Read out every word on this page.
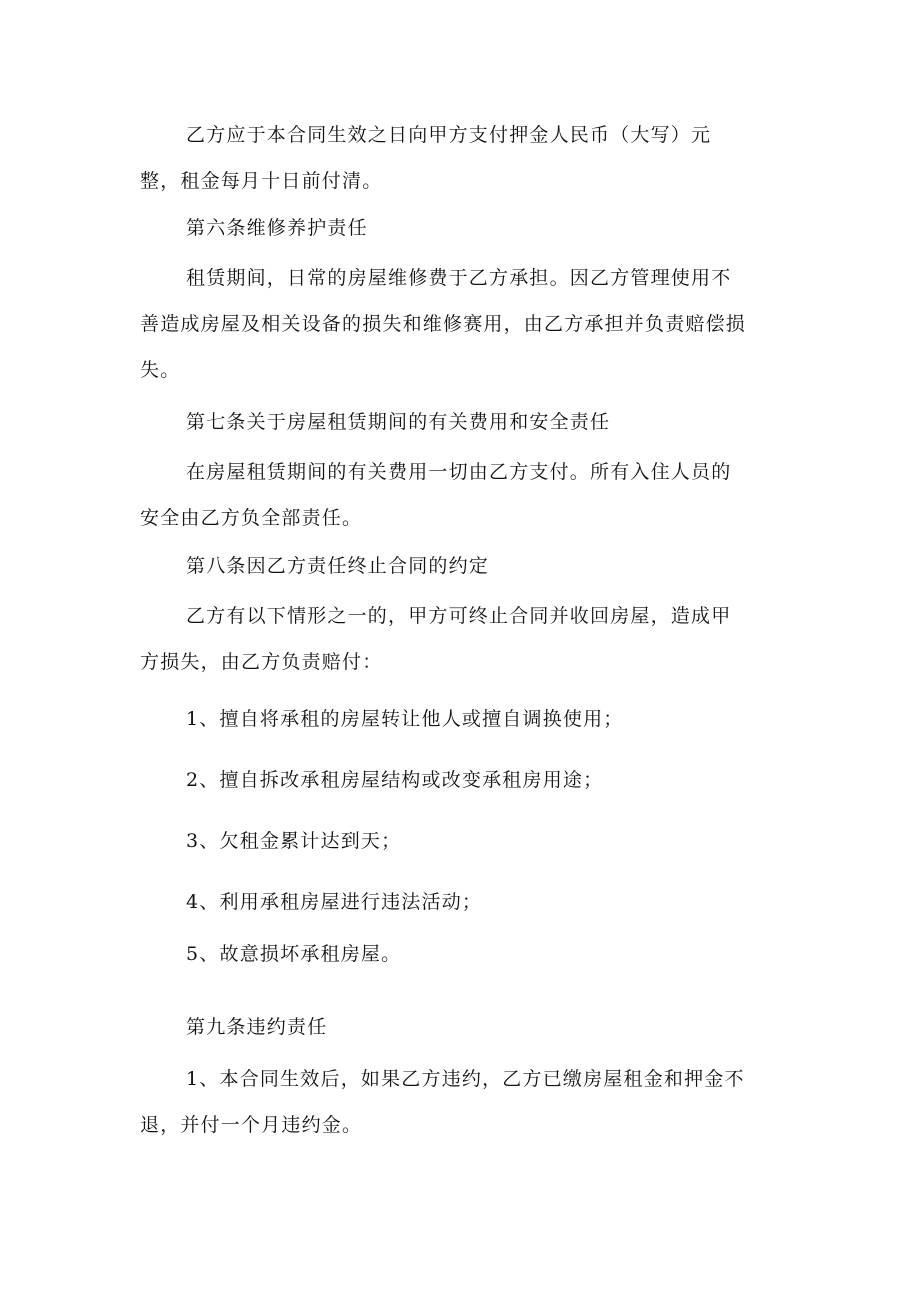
乙方应于本合同生效之日向甲方支付押金人民币（大写）元
整，租金每月十日前付清。
第六条维修养护责任
租赁期间，日常的房屋维修费于乙方承担。因乙方管理使用不
善造成房屋及相关设备的损失和维修赛用，由乙方承担并负责赔偿损
失。
第七条关于房屋租赁期间的有关费用和安全责任
在房屋租赁期间的有关费用一切由乙方支付。所有入住人员的
安全由乙方负全部责任。
第八条因乙方责任终止合同的约定
乙方有以下情形之一的，甲方可终止合同并收回房屋，造成甲
方损失，由乙方负责赔付：
1、擅自将承租的房屋转让他人或擅自调换使用；
2、擅自拆改承租房屋结构或改变承租房用途；
3、欠租金累计达到天；
4、利用承租房屋进行违法活动；
5、故意损坏承租房屋。
第九条违约责任
1、本合同生效后，如果乙方违约，乙方已缴房屋租金和押金不
退，并付一个月违约金。
